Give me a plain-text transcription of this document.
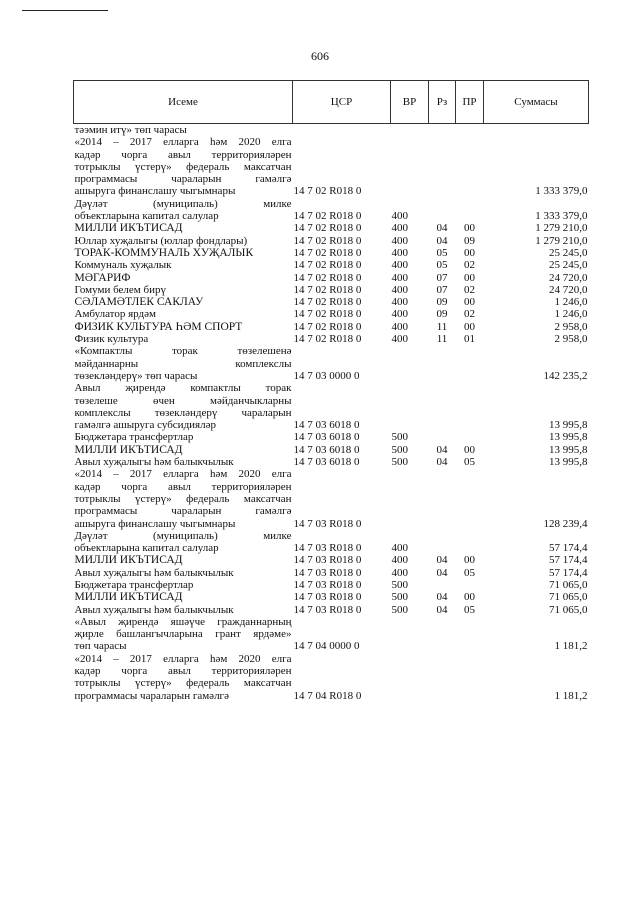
606
Исеме	ЦСР	ВР	Рз	ПР	Суммасы

тәэмин итү» төп чарасы					

«2014 – 2017 елларга һәм 2020 елга
кадәр чорга авыл территорияләрен
тотрыклы үстерү» федераль максатчан
программасы чараларын гамәлгә
ашыруга финанслашу чыгымнары	14 7 02 R018 0				1 333 379,0

Дәүләт (муниципаль) милке
объектларына капитал салулар	14 7 02 R018 0	400			1 333 379,0

МИЛЛИ ИКЪТИСАД	14 7 02 R018 0	400	04	00	1 279 210,0

Юллар хуҗалыгы (юллар фондлары)	14 7 02 R018 0	400	04	09	1 279 210,0

ТОРАК-КОММУНАЛЬ ХУҖАЛЫК	14 7 02 R018 0	400	05	00	25 245,0

Коммуналь хуҗалык	14 7 02 R018 0	400	05	02	25 245,0

МӘГАРИФ	14 7 02 R018 0	400	07	00	24 720,0

Гомуми белем бирү	14 7 02 R018 0	400	07	02	24 720,0

СӘЛАМӘТЛЕК САКЛАУ	14 7 02 R018 0	400	09	00	1 246,0

Амбулатор ярдәм	14 7 02 R018 0	400	09	02	1 246,0

ФИЗИК КУЛЬТУРА ҺӘМ СПОРТ	14 7 02 R018 0	400	11	00	2 958,0

Физик культура	14 7 02 R018 0	400	11	01	2 958,0

«Компактлы торак төзелешенә
мәйданнарны комплекслы
төзекләндерү» төп чарасы	14 7 03 0000 0				142 235,2

Авыл җирендә компактлы торак
төзелеше өчен мәйданчыкларны
комплекслы төзекләндерү чараларын
гамәлгә ашыруга субсидияләр	14 7 03 6018 0				13 995,8

Бюджетара трансфертлар	14 7 03 6018 0	500			13 995,8

МИЛЛИ ИКЪТИСАД	14 7 03 6018 0	500	04	00	13 995,8

Авыл хуҗалыгы һәм балыкчылык	14 7 03 6018 0	500	04	05	13 995,8

«2014 – 2017 елларга һәм 2020 елга
кадәр чорга авыл территорияләрен
тотрыклы үстерү» федераль максатчан
программасы чараларын гамәлгә
ашыруга финанслашу чыгымнары	14 7 03 R018 0				128 239,4

Дәүләт (муниципаль) милке
объектларына капитал салулар	14 7 03 R018 0	400			57 174,4

МИЛЛИ ИКЪТИСАД	14 7 03 R018 0	400	04	00	57 174,4

Авыл хуҗалыгы һәм балыкчылык	14 7 03 R018 0	400	04	05	57 174,4

Бюджетара трансфертлар	14 7 03 R018 0	500			71 065,0

МИЛЛИ ИКЪТИСАД	14 7 03 R018 0	500	04	00	71 065,0

Авыл хуҗалыгы һәм балыкчылык	14 7 03 R018 0	500	04	05	71 065,0

«Авыл җирендә яшәүче гражданнарның
җирле башлангычларына грант ярдәме»
төп чарасы	14 7 04 0000 0				1 181,2

«2014 – 2017 елларга һәм 2020 елга
кадәр чорга авыл территорияләрен
тотрыклы үстерү» федераль максатчан
программасы чараларын гамәлгә	14 7 04 R018 0				1 181,2
